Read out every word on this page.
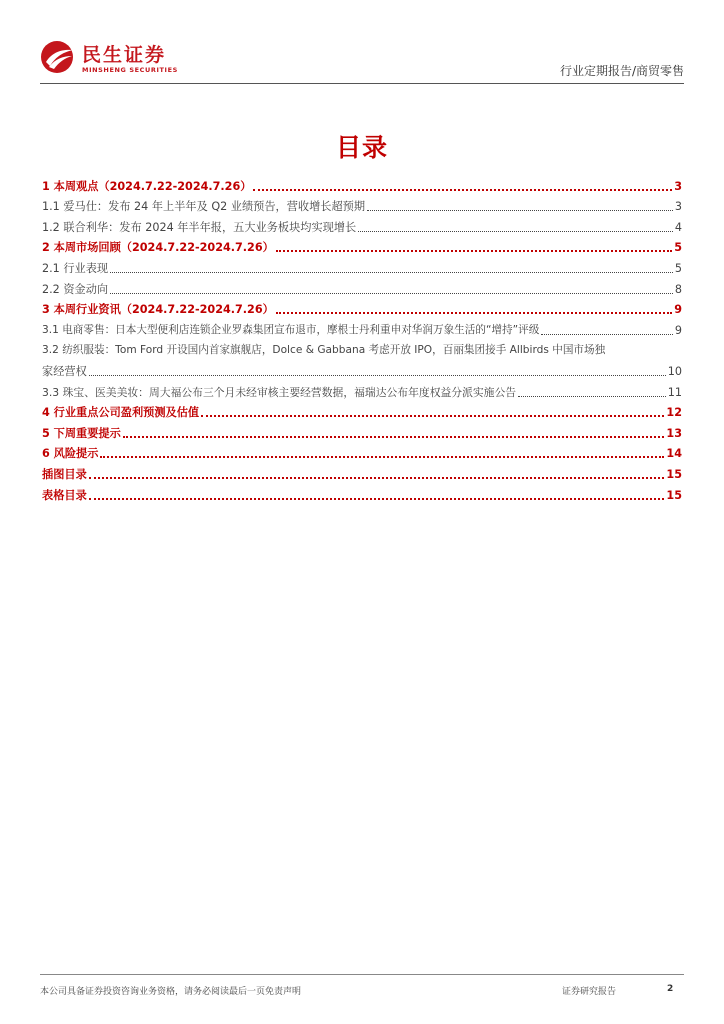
民生证券
MINSHENG SECURITIES	行业定期报告/商贸零售
目录
1 本周观点（2024.7.22-2024.7.26）	3
1.1 爱马仕：发布 24 年上半年及 Q2 业绩预告，营收增长超预期	3
1.2 联合利华：发布 2024 年半年报，五大业务板块均实现增长	4
2 本周市场回顾（2024.7.22-2024.7.26）	5
2.1 行业表现	5
2.2 资金动向	8
3 本周行业资讯（2024.7.22-2024.7.26）	9
3.1 电商零售：日本大型便利店连锁企业罗森集团宣布退市，摩根士丹利重申对华润万象生活的“增持”评级	9
3.2 纺织服装：Tom Ford 开设国内首家旗舰店，Dolce & Gabbana 考虑开放 IPO，百丽集团接手 Allbirds 中国市场独
家经营权	10
3.3 珠宝、医美美妆：周大福公布三个月未经审核主要经营数据，福瑞达公布年度权益分派实施公告	11
4 行业重点公司盈利预测及估值	12
5 下周重要提示	13
6 风险提示	14
插图目录	15
表格目录	15
本公司具备证券投资咨询业务资格，请务必阅读最后一页免责声明	证券研究报告	2
